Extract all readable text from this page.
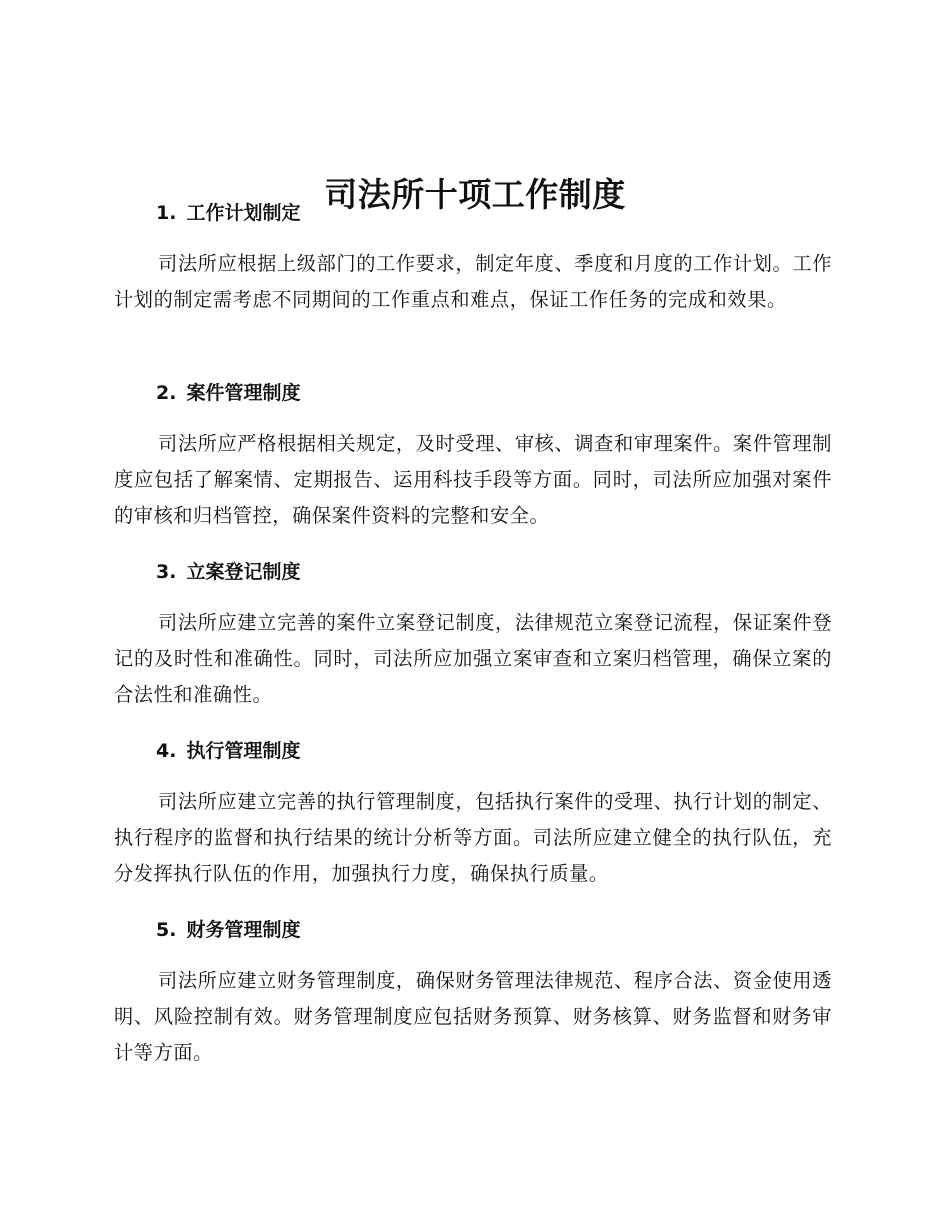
司法所十项工作制度
1. 工作计划制定

司法所应根据上级部门的工作要求，制定年度、季度和月度的工作计划。工作计划的制定需考虑不同期间的工作重点和难点，保证工作任务的完成和效果。

2. 案件管理制度

司法所应严格根据相关规定，及时受理、审核、调查和审理案件。案件管理制度应包括了解案情、定期报告、运用科技手段等方面。同时，司法所应加强对案件的审核和归档管控，确保案件资料的完整和安全。

3. 立案登记制度

司法所应建立完善的案件立案登记制度，法律规范立案登记流程，保证案件登记的及时性和准确性。同时，司法所应加强立案审查和立案归档管理，确保立案的合法性和准确性。

4. 执行管理制度

司法所应建立完善的执行管理制度，包括执行案件的受理、执行计划的制定、执行程序的监督和执行结果的统计分析等方面。司法所应建立健全的执行队伍，充分发挥执行队伍的作用，加强执行力度，确保执行质量。

5. 财务管理制度

司法所应建立财务管理制度，确保财务管理法律规范、程序合法、资金使用透明、风险控制有效。财务管理制度应包括财务预算、财务核算、财务监督和财务审计等方面。
